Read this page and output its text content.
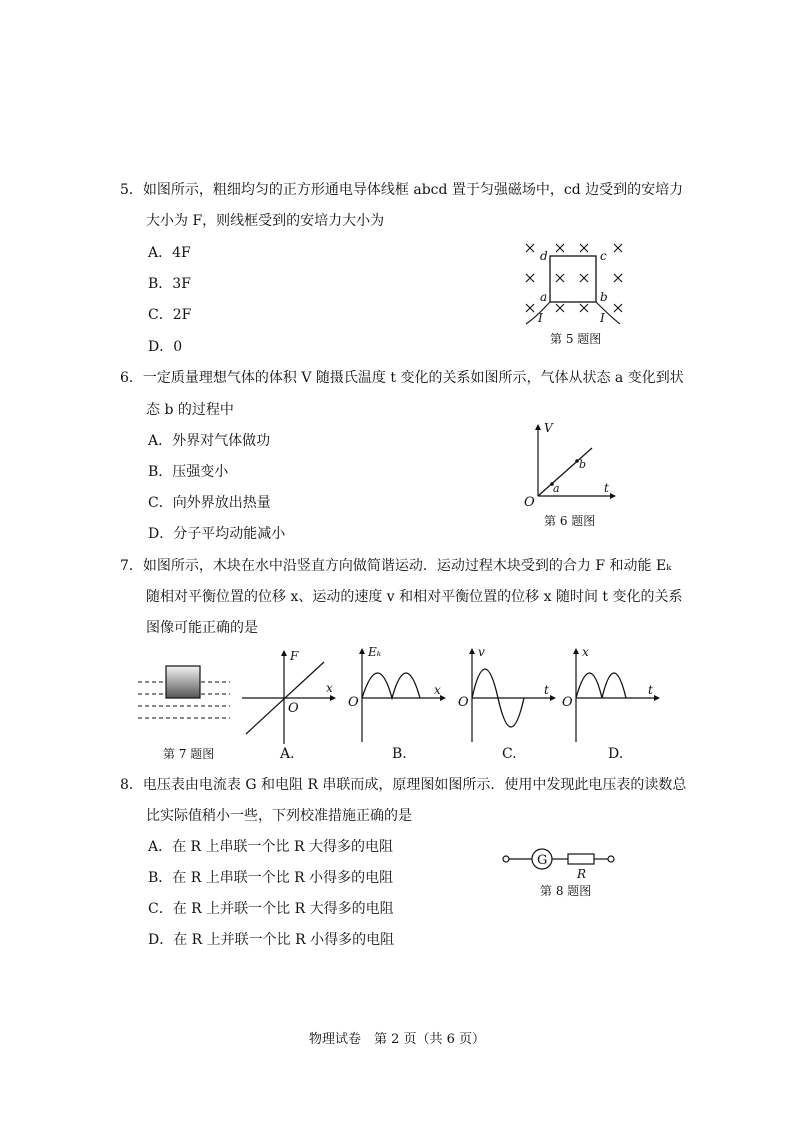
5．如图所示，粗细均匀的正方形通电导体线框 abcd 置于匀强磁场中，cd 边受到的安培力
大小为 F，则线框受到的安培力大小为
A．4F
B．3F
C．2F
D．0
d	c
a	b
I	I
第 5 题图
6．一定质量理想气体的体积 V 随摄氏温度 t 变化的关系如图所示，气体从状态 a 变化到状
态 b 的过程中
A．外界对气体做功
B．压强变小
C．向外界放出热量
D．分子平均动能减小
V
t
O
a
b
第 6 题图
7．如图所示，木块在水中沿竖直方向做简谐运动．运动过程木块受到的合力 F 和动能 Eₖ
随相对平衡位置的位移 x、运动的速度 v 和相对平衡位置的位移 x 随时间 t 变化的关系
图像可能正确的是
第 7 题图
F
x
O
A.
Eₖ
x
O
B.
v
t
O
C.
x
t
O
D.
8．电压表由电流表 G 和电阻 R 串联而成，原理图如图所示．使用中发现此电压表的读数总
比实际值稍小一些，下列校准措施正确的是
A．在 R 上串联一个比 R 大得多的电阻
B．在 R 上串联一个比 R 小得多的电阻
C．在 R 上并联一个比 R 大得多的电阻
D．在 R 上并联一个比 R 小得多的电阻
G
R
第 8 题图
物理试卷　第 2 页（共 6 页）
